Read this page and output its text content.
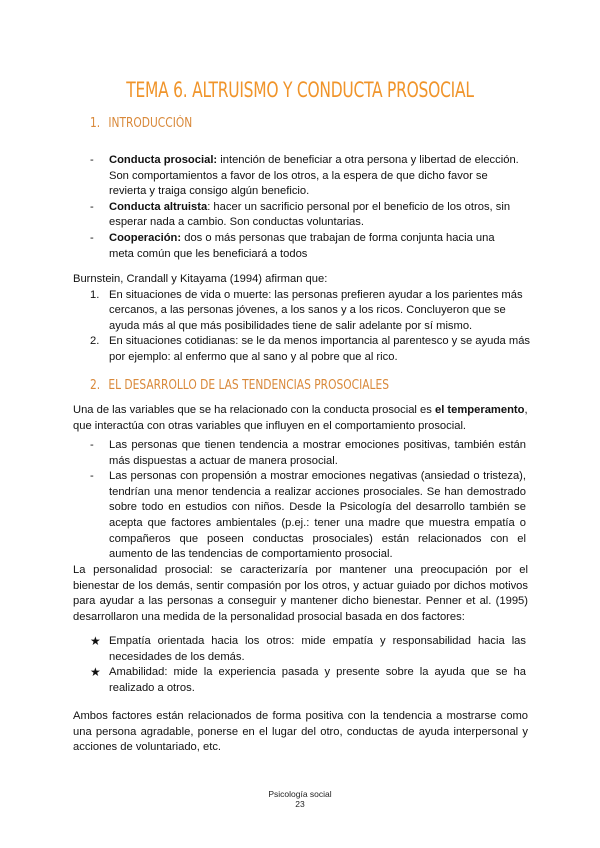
TEMA 6. ALTRUISMO Y CONDUCTA PROSOCIAL
1. INTRODUCCIÓN
- Conducta prosocial: intención de beneficiar a otra persona y libertad de elección. Son comportamientos a favor de los otros, a la espera de que dicho favor se revierta y traiga consigo algún beneficio.
- Conducta altruista: hacer un sacrificio personal por el beneficio de los otros, sin esperar nada a cambio. Son conductas voluntarias.
- Cooperación: dos o más personas que trabajan de forma conjunta hacia una meta común que les beneficiará a todos

Burnstein, Crandall y Kitayama (1994) afirman que:

1. En situaciones de vida o muerte: las personas prefieren ayudar a los parientes más cercanos, a las personas jóvenes, a los sanos y a los ricos. Concluyeron que se ayuda más al que más posibilidades tiene de salir adelante por sí mismo.
2. En situaciones cotidianas: se le da menos importancia al parentesco y se ayuda más por ejemplo: al enfermo que al sano y al pobre que al rico.
2. EL DESARROLLO DE LAS TENDENCIAS PROSOCIALES

Una de las variables que se ha relacionado con la conducta prosocial es el temperamento, que interactúa con otras variables que influyen en el comportamiento prosocial.

- Las personas que tienen tendencia a mostrar emociones positivas, también están más dispuestas a actuar de manera prosocial.
- Las personas con propensión a mostrar emociones negativas (ansiedad o tristeza), tendrían una menor tendencia a realizar acciones prosociales. Se han demostrado sobre todo en estudios con niños. Desde la Psicología del desarrollo también se acepta que factores ambientales (p.ej.: tener una madre que muestra empatía o compañeros que poseen conductas prosociales) están relacionados con el aumento de las tendencias de comportamiento prosocial.

La personalidad prosocial: se caracterizaría por mantener una preocupación por el bienestar de los demás, sentir compasión por los otros, y actuar guiado por dichos motivos para ayudar a las personas a conseguir y mantener dicho bienestar. Penner et al. (1995) desarrollaron una medida de la personalidad prosocial basada en dos factores:

★ Empatía orientada hacia los otros: mide empatía y responsabilidad hacia las necesidades de los demás.
★ Amabilidad: mide la experiencia pasada y presente sobre la ayuda que se ha realizado a otros.

Ambos factores están relacionados de forma positiva con la tendencia a mostrarse como una persona agradable, ponerse en el lugar del otro, conductas de ayuda interpersonal y acciones de voluntariado, etc.

Psicología social
23
